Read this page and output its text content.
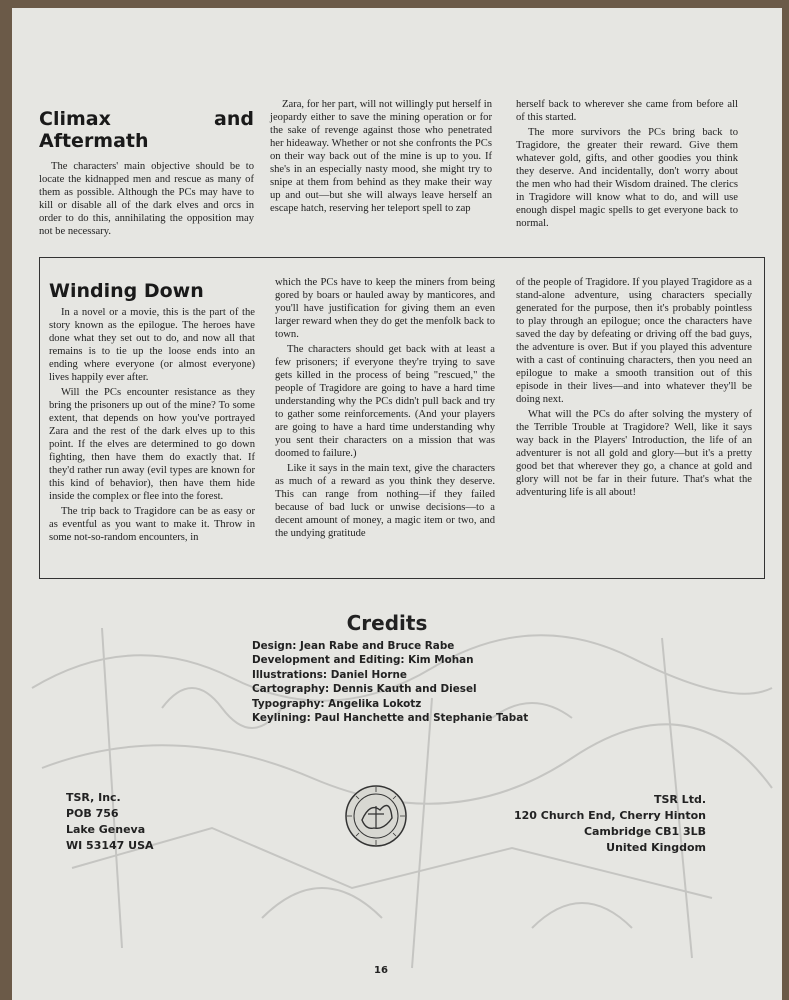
Climax and Aftermath

The characters' main objective should be to locate the kidnapped men and rescue as many of them as possible. Although the PCs may have to kill or disable all of the dark elves and orcs in order to do this, annihilating the opposition may not be necessary.

Zara, for her part, will not willingly put herself in jeopardy either to save the mining operation or for the sake of revenge against those who penetrated her hideaway. Whether or not she confronts the PCs on their way back out of the mine is up to you. If she's in an especially nasty mood, she might try to snipe at them from behind as they make their way up and out—but she will always leave herself an escape hatch, reserving her teleport spell to zap

herself back to wherever she came from before all of this started.

The more survivors the PCs bring back to Tragidore, the greater their reward. Give them whatever gold, gifts, and other goodies you think they deserve. And incidentally, don't worry about the men who had their Wisdom drained. The clerics in Tragidore will know what to do, and will use enough dispel magic spells to get everyone back to normal.

Winding Down

In a novel or a movie, this is the part of the story known as the epilogue. The heroes have done what they set out to do, and now all that remains is to tie up the loose ends into an ending where everyone (or almost everyone) lives happily ever after.

Will the PCs encounter resistance as they bring the prisoners up out of the mine? To some extent, that depends on how you've portrayed Zara and the rest of the dark elves up to this point. If the elves are determined to go down fighting, then have them do exactly that. If they'd rather run away (evil types are known for this kind of behavior), then have them hide inside the complex or flee into the forest.

The trip back to Tragidore can be as easy or as eventful as you want to make it. Throw in some not-so-random encounters, in

which the PCs have to keep the miners from being gored by boars or hauled away by manticores, and you'll have justification for giving them an even larger reward when they do get the menfolk back to town.

The characters should get back with at least a few prisoners; if everyone they're trying to save gets killed in the process of being "rescued," the people of Tragidore are going to have a hard time understanding why the PCs didn't pull back and try to gather some reinforcements. (And your players are going to have a hard time understanding why you sent their characters on a mission that was doomed to failure.)

Like it says in the main text, give the characters as much of a reward as you think they deserve. This can range from nothing—if they failed because of bad luck or unwise decisions—to a decent amount of money, a magic item or two, and the undying gratitude

of the people of Tragidore. If you played Tragidore as a stand-alone adventure, using characters specially generated for the purpose, then it's probably pointless to play through an epilogue; once the characters have saved the day by defeating or driving off the bad guys, the adventure is over. But if you played this adventure with a cast of continuing characters, then you need an epilogue to make a smooth transition out of this episode in their lives—and into whatever they'll be doing next.

What will the PCs do after solving the mystery of the Terrible Trouble at Tragidore? Well, like it says way back in the Players' Introduction, the life of an adventurer is not all gold and glory—but it's a pretty good bet that wherever they go, a chance at gold and glory will not be far in their future. That's what the adventuring life is all about!

Credits
Design: Jean Rabe and Bruce Rabe
Development and Editing: Kim Mohan
Illustrations: Daniel Horne
Cartography: Dennis Kauth and Diesel
Typography: Angelika Lokotz
Keylining: Paul Hanchette and Stephanie Tabat
TSR, Inc.
POB 756
Lake Geneva
WI 53147 USA
TSR Ltd.
120 Church End, Cherry Hinton
Cambridge CB1 3LB
United Kingdom
16
